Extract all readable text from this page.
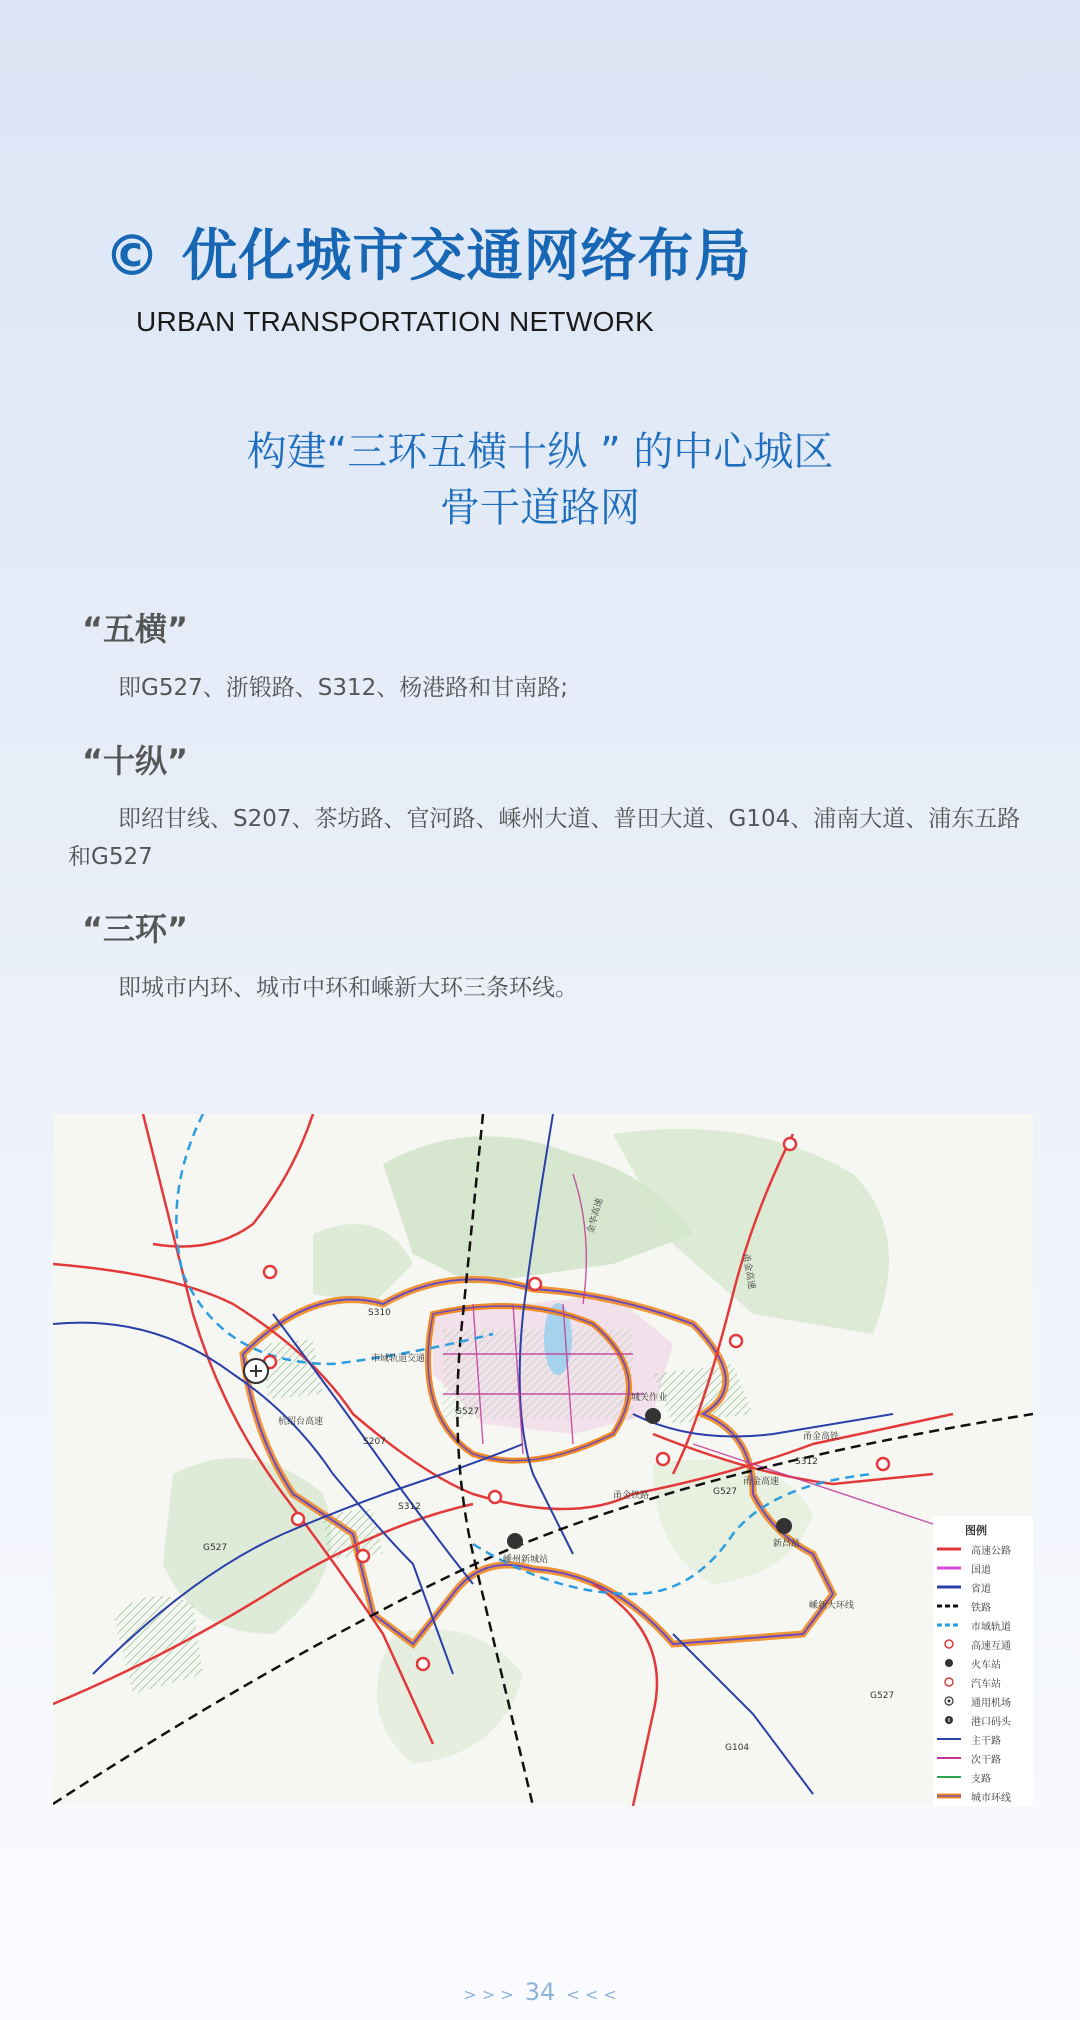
© 优化城市交通网络布局

URBAN TRANSPORTATION NETWORK

构建“三环五横十纵 ” 的中心城区
骨干道路网
“五横”

即G527、浙锻路、S312、杨港路和甘南路;

“十纵”

即绍甘线、S207、茶坊路、官河路、嵊州大道、普田大道、G104、浦南大道、浦东五路和G527

“三环”

即城市内环、城市中环和嵊新大环三条环线。

S310
市域轨道交通
杭绍台高速
S207
G527
S312
G527
嵊州新城站
城关作业
甬金高铁
S312
甬金高速
新昌站
G527
嵊新大环线
G527
G104
甬金铁路
金华高速
甬金高速
图例
高速公路
国道
省道
铁路
市域轨道
高速互通
火车站
汽车站
通用机场
港口码头
主干路
次干路
支路
城市环线
> > > 34 < < <
